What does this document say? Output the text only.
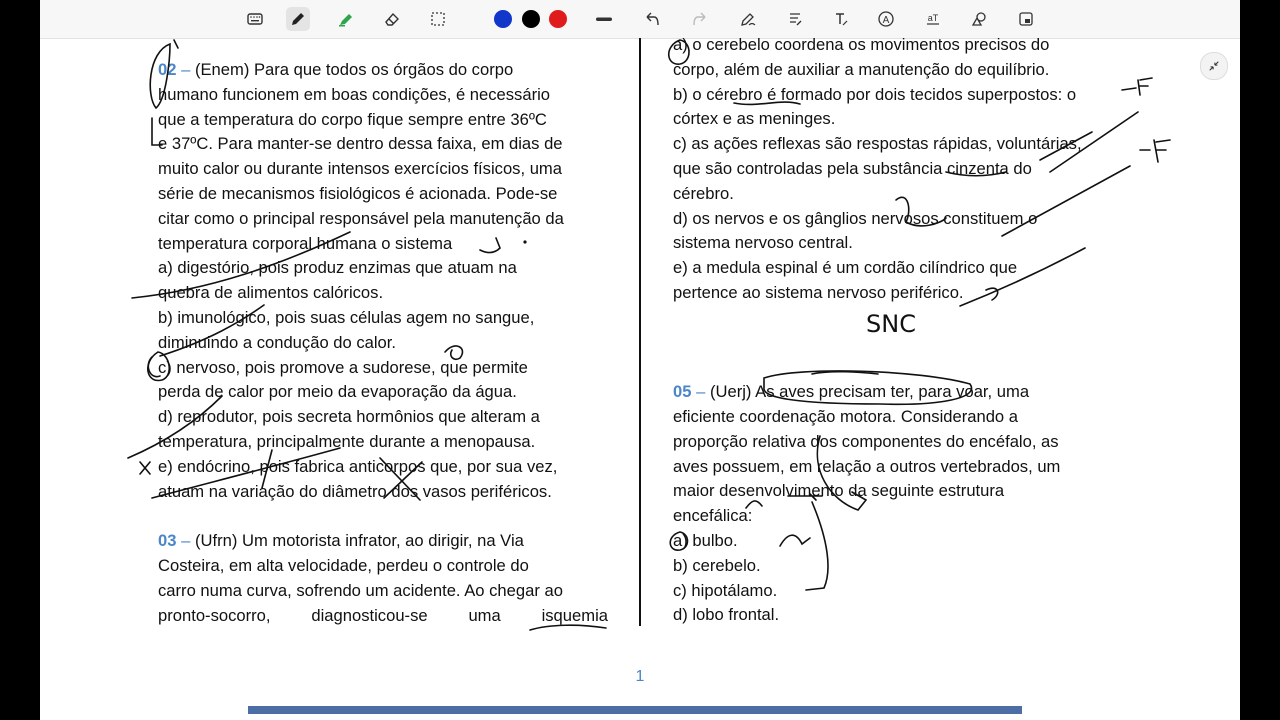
A	aT

02 – (Enem) Para que todos os órgãos do corpo

humano funcionem em boas condições, é necessário

que a temperatura do corpo fique sempre entre 36ºC

e 37ºC. Para manter-se dentro dessa faixa, em dias de

muito calor ou durante intensos exercícios físicos, uma

série de mecanismos fisiológicos é acionada. Pode-se

citar como o principal responsável pela manutenção da

temperatura corporal humana o sistema

a) digestório, pois produz enzimas que atuam na

quebra de alimentos calóricos.

b) imunológico, pois suas células agem no sangue,

diminuindo a condução do calor.

c) nervoso, pois promove a sudorese, que permite

perda de calor por meio da evaporação da água.

d) reprodutor, pois secreta hormônios que alteram a

temperatura, principalmente durante a menopausa.

e) endócrino, pois fabrica anticorpos que, por sua vez,

atuam na variação do diâmetro dos vasos periféricos.

03 – (Ufrn) Um motorista infrator, ao dirigir, na Via

Costeira, em alta velocidade, perdeu o controle do

carro numa curva, sofrendo um acidente. Ao chegar ao

pronto-socorro, diagnosticou-se uma isquemia

a) o cerebelo coordena os movimentos precisos do

corpo, além de auxiliar a manutenção do equilíbrio.

b) o cérebro é formado por dois tecidos superpostos: o

córtex e as meninges.

c) as ações reflexas são respostas rápidas, voluntárias,

que são controladas pela substância cinzenta do

cérebro.

d) os nervos e os gânglios nervosos constituem o

sistema nervoso central.

e) a medula espinal é um cordão cilíndrico que

pertence ao sistema nervoso periférico.

05 – (Uerj) As aves precisam ter, para voar, uma

eficiente coordenação motora. Considerando a

proporção relativa dos componentes do encéfalo, as

aves possuem, em relação a outros vertebrados, um

maior desenvolvimento da seguinte estrutura

encefálica:

a) bulbo.

b) cerebelo.

c) hipotálamo.

d) lobo frontal.

1
SNC
